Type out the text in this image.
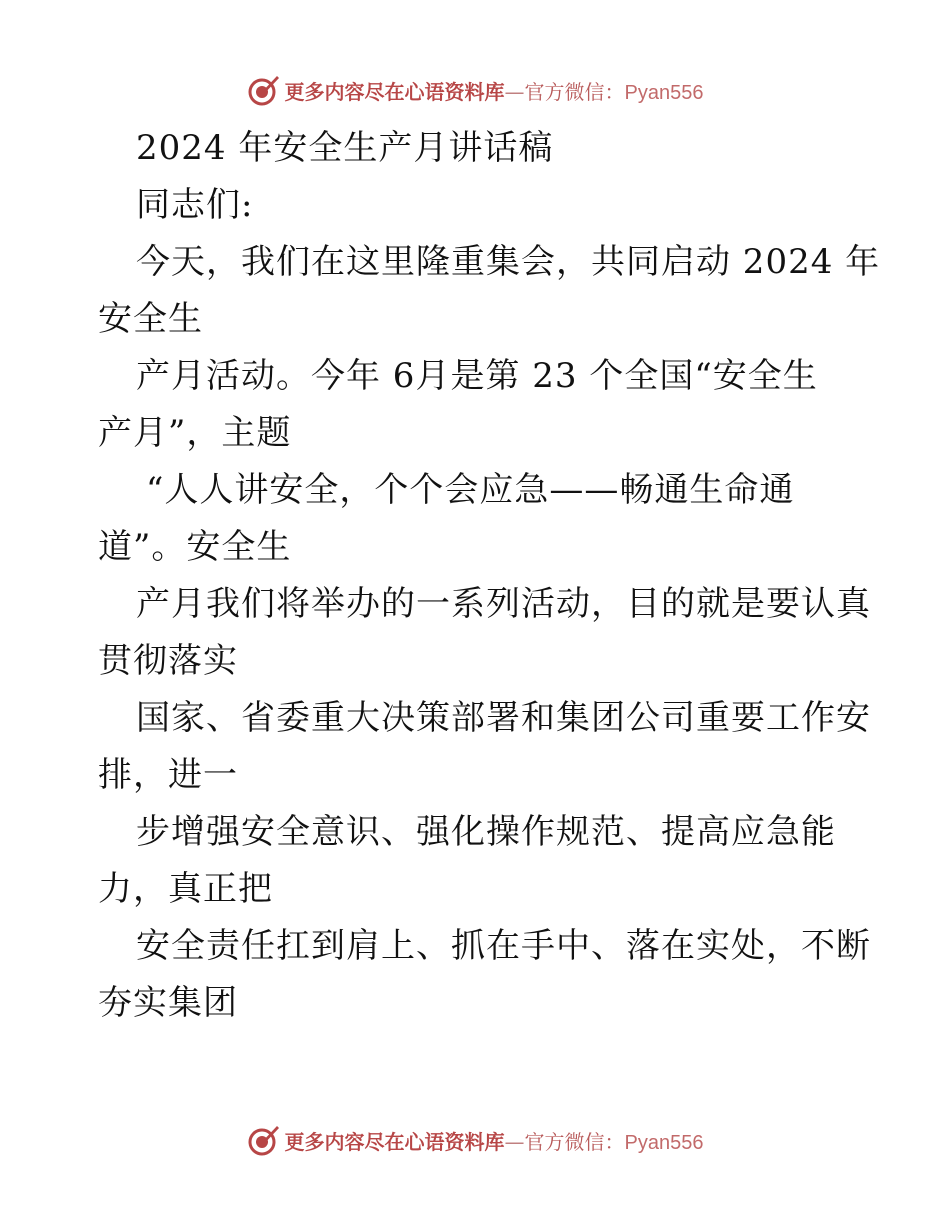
更多内容尽在心语资料库—官方微信：Pyan556
2024 年安全生产月讲话稿
同志们:
今天，我们在这里隆重集会，共同启动 2024 年
安全生
产月活动。今年 6月是第 23 个全国“安全生
产月”，主题
“人人讲安全，个个会应急——畅通生命通
道”。安全生
产月我们将举办的一系列活动，目的就是要认真
贯彻落实
国家、省委重大决策部署和集团公司重要工作安
排，进一
步增强安全意识、强化操作规范、提高应急能
力，真正把
安全责任扛到肩上、抓在手中、落在实处，不断
夯实集团
更多内容尽在心语资料库—官方微信：Pyan556
